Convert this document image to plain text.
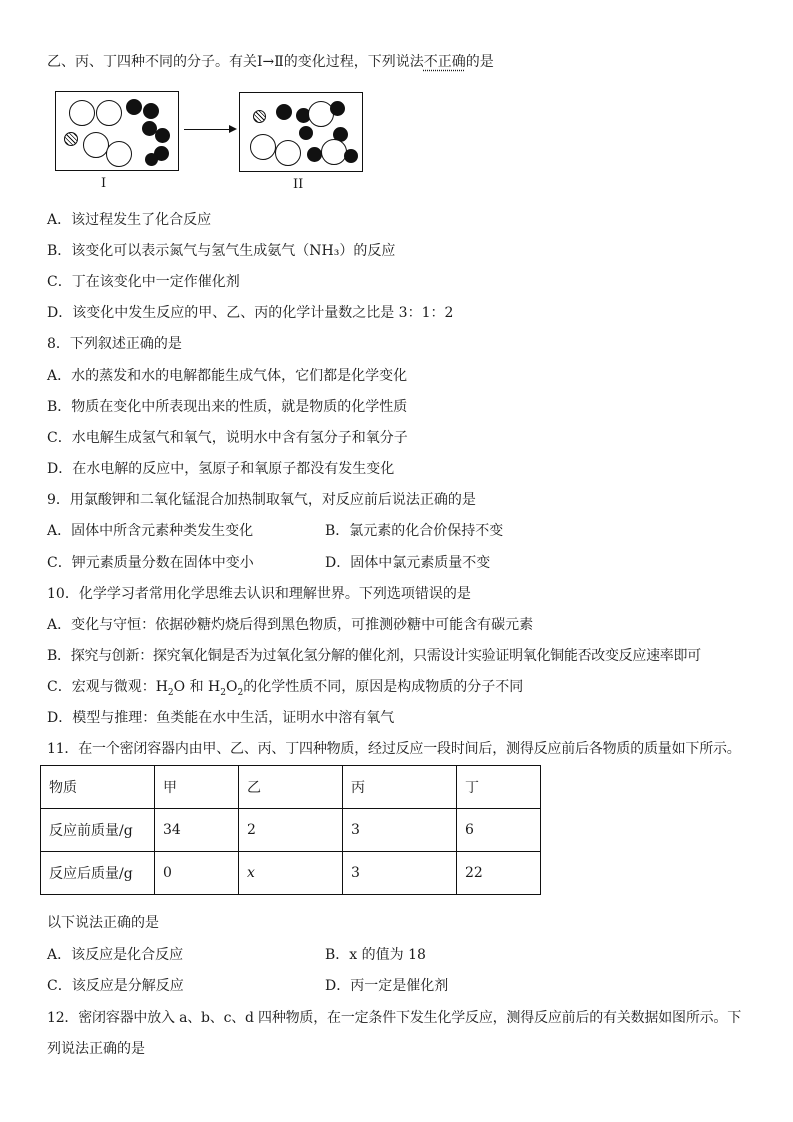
乙、丙、丁四种不同的分子。有关Ⅰ→Ⅱ的变化过程，下列说法不正确的是
I	II
A．该过程发生了化合反应
B．该变化可以表示氮气与氢气生成氨气（NH₃）的反应
C．丁在该变化中一定作催化剂
D．该变化中发生反应的甲、乙、丙的化学计量数之比是 3：1：2
8．下列叙述正确的是
A．水的蒸发和水的电解都能生成气体，它们都是化学变化
B．物质在变化中所表现出来的性质，就是物质的化学性质
C．水电解生成氢气和氧气，说明水中含有氢分子和氧分子
D．在水电解的反应中，氢原子和氧原子都没有发生变化
9．用氯酸钾和二氧化锰混合加热制取氧气，对反应前后说法正确的是
A．固体中所含元素种类发生变化	B．氯元素的化合价保持不变
C．钾元素质量分数在固体中变小	D．固体中氯元素质量不变
10．化学学习者常用化学思维去认识和理解世界。下列选项错误的是
A．变化与守恒：依据砂糖灼烧后得到黑色物质，可推测砂糖中可能含有碳元素
B．探究与创新：探究氧化铜是否为过氧化氢分解的催化剂，只需设计实验证明氧化铜能否改变反应速率即可
C．宏观与微观：$H_2O$ 和 $H_2O_2$的化学性质不同，原因是构成物质的分子不同
D．模型与推理：鱼类能在水中生活，证明水中溶有氧气
11．在一个密闭容器内由甲、乙、丙、丁四种物质，经过反应一段时间后，测得反应前后各物质的质量如下所示。
物质	甲	乙	丙	丁
反应前质量/g	34	2	3	6
反应后质量/g	0	x	3	22
以下说法正确的是
A．该反应是化合反应	B．x 的值为 18
C．该反应是分解反应	D．丙一定是催化剂
12．密闭容器中放入 a、b、c、d 四种物质，在一定条件下发生化学反应，测得反应前后的有关数据如图所示。下
列说法正确的是
